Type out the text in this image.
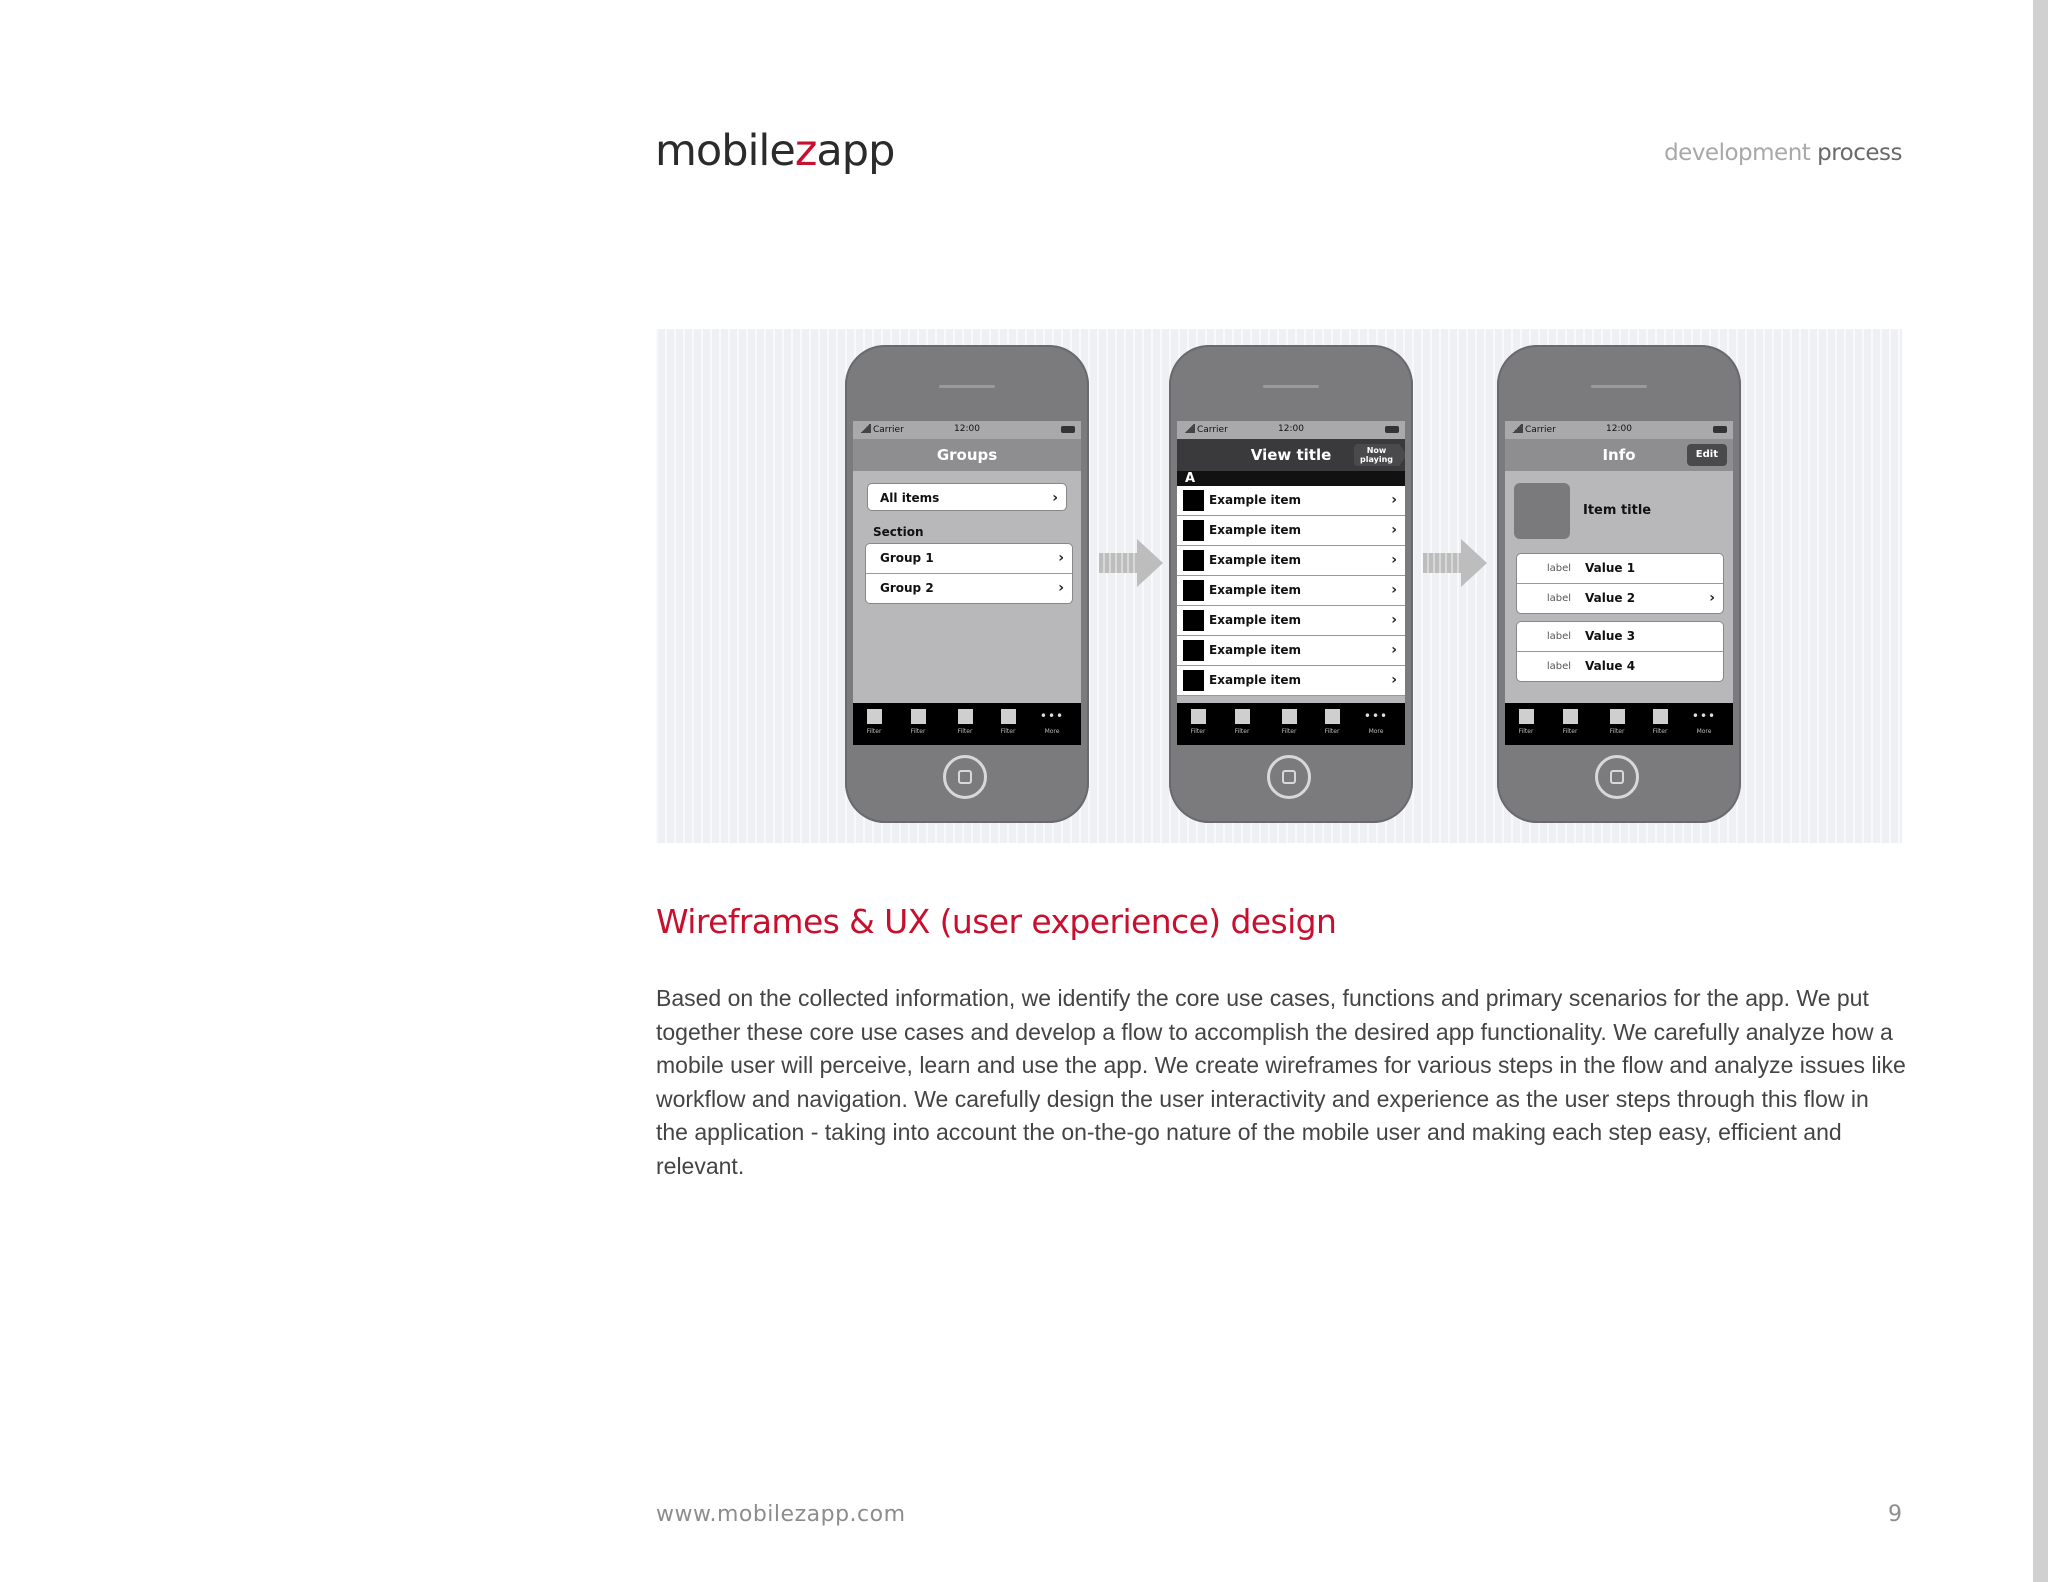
mobilezapp	development process
Carrier	12:00
Groups
All items	›
Section
Group 1	›
Group 2	›
Filter	Filter	Filter	Filter
•••
More
Carrier	12:00
View title	Now
playing
A
Example item	›
Example item	›
Example item	›
Example item	›
Example item	›
Example item	›
Example item	›
Filter	Filter	Filter	Filter
•••
More
Carrier	12:00
Info	Edit
Item title
label Value 1
label Value 2	›
label Value 3
label Value 4
Filter	Filter	Filter	Filter
•••
More
Wireframes & UX (user experience) design
Based on the collected information, we identify the core use cases, functions and primary scenarios for the app. We put together these core use cases and develop a flow to accomplish the desired app functionality. We carefully analyze how a mobile user will perceive, learn and use the app. We create wireframes for various steps in the flow and analyze issues like workflow and navigation. We carefully design the user interactivity and experience as the user steps through this flow in the application - taking into account the on-the-go nature of the mobile user and making each step easy, efficient and relevant.
www.mobilezapp.com	9
